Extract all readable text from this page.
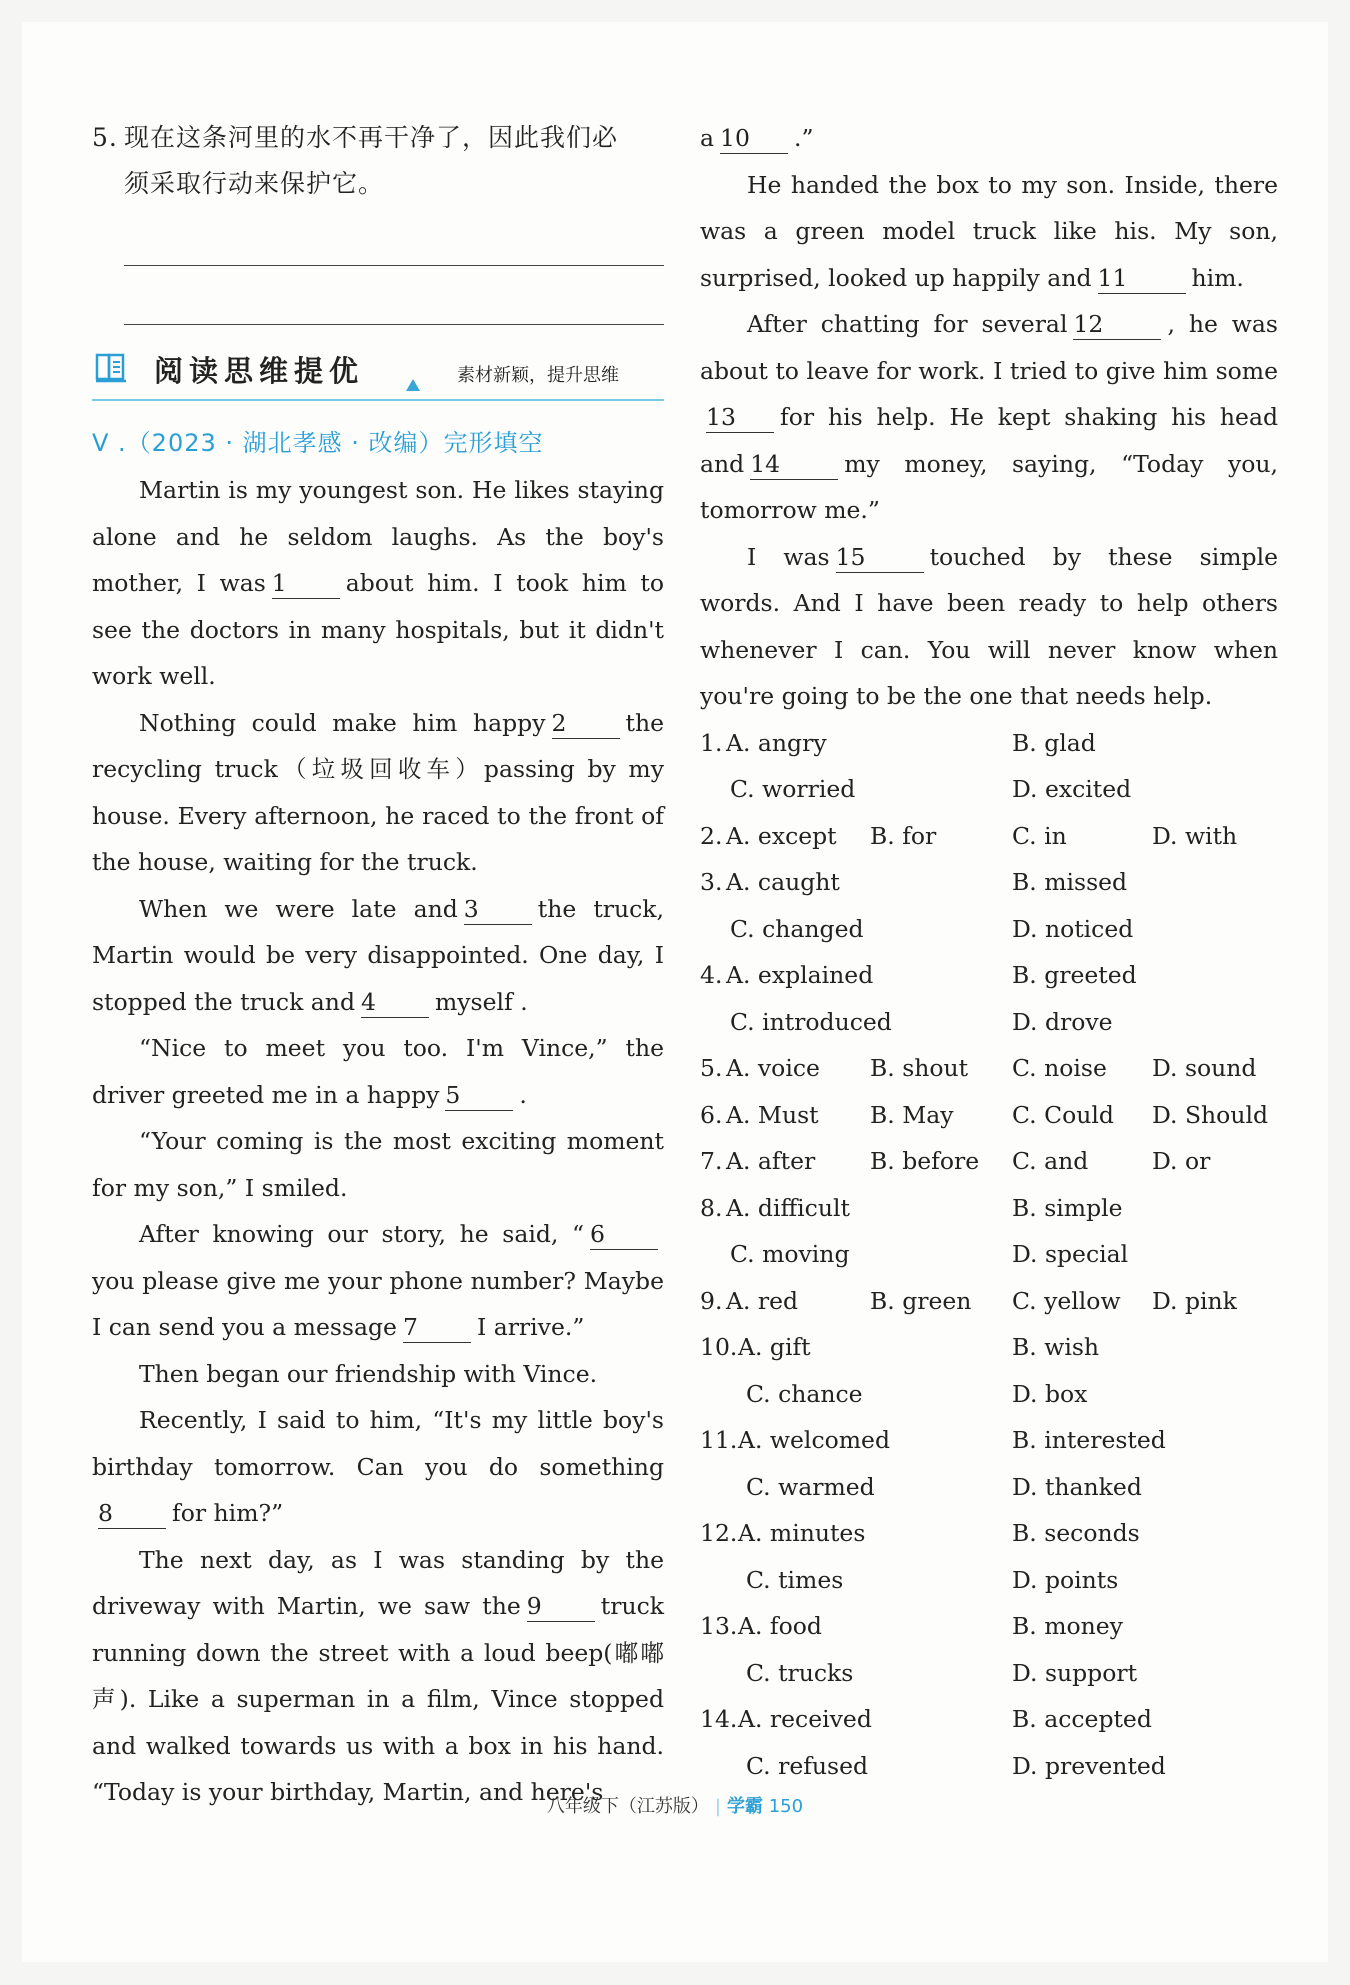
5. 现在这条河里的水不再干净了，因此我们必
须采取行动来保护它。
阅读思维提优	素材新颖，提升思维
V .（2023 · 湖北孝感 · 改编）完形填空

Martin is my youngest son. He likes staying alone and he seldom laughs. As the boy's mother, I was 1	about him. I took him to see the doctors in many hospitals, but it didn't work well.

Nothing could make him happy 2	the recycling truck（垃圾回收车）passing by my house. Every afternoon, he raced to the front of the house, waiting for the truck.

When we were late and 3	the truck, Martin would be very disappointed. One day, I stopped the truck and 4	myself .

“Nice to meet you too. I'm Vince,” the driver greeted me in a happy 5	.

“Your coming is the most exciting moment for my son,” I smiled.

After knowing our story, he said, “ 6you please give me your phone number? Maybe I can send you a message 7	I arrive.”

Then began our friendship with Vince.

Recently, I said to him, “It's my little boy's birthday tomorrow. Can you do something8	for him?”

The next day, as I was standing by the driveway with Martin, we saw the 9	truck running down the street with a loud beep(嘟嘟声). Like a superman in a film, Vince stopped and walked towards us with a box in his hand. “Today is your birthday, Martin, and here's

a 10 .”

He handed the box to my son. Inside, there was a green model truck like his. My son, surprised, looked up happily and 11	him.

After chatting for several 12	, he was about to leave for work. I tried to give him some13 for his help. He kept shaking his head and 14	my money, saying, “Today you, tomorrow me.”

I was 15	touched by these simple words. And I have been ready to help others whenever I can. You will never know when you're going to be the one that needs help.

1. A. angry	B. glad
C. worried	D. excited
2. A. except B. for	C. in	D. with
3. A. caught	B. missed
C. changed	D. noticed
4. A. explained	B. greeted
C. introduced	D. drove
5. A. voice B. shout C. noise D. sound
6. A. Must B. May C. Could D. Should
7. A. after B. before C. and	D. or
8. A. difficult	B. simple
C. moving	D. special
9. A. red	B. green C. yellow D. pink
10. A. gift	B. wish
C. chance	D. box
11. A. welcomed	B. interested
C. warmed	D. thanked
12. A. minutes	B. seconds
C. times	D. points
13. A. food	B. money
C. trucks	D. support
14. A. received	B. accepted
C. refused	D. prevented
八年级下（江苏版） | 学霸 150
